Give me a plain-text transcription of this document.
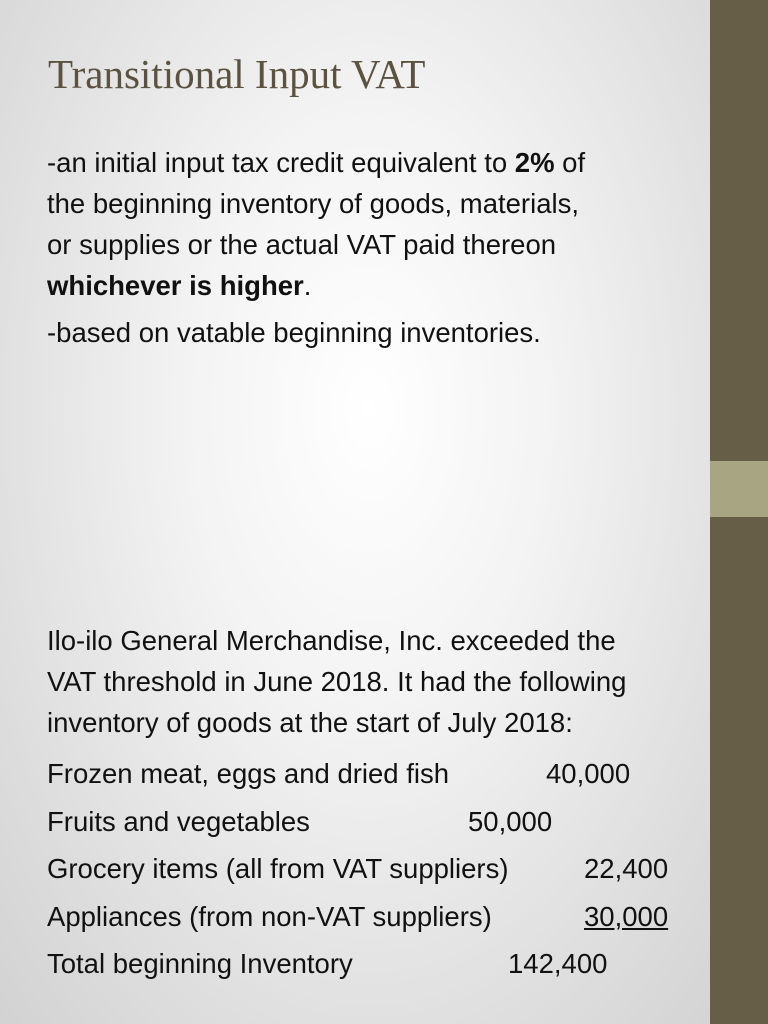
Transitional Input VAT
-an initial input tax credit equivalent to 2% of
the beginning inventory of goods, materials,
or supplies or the actual VAT paid thereon
whichever is higher.
-based on vatable beginning inventories.
Ilo-ilo General Merchandise, Inc. exceeded the
VAT threshold in June 2018. It had the following
inventory of goods at the start of July 2018:
Frozen meat, eggs and dried fish	40,000
Fruits and vegetables	50,000
Grocery items (all from VAT suppliers)	22,400
Appliances (from non-VAT suppliers)	30,000
Total beginning Inventory	142,400
